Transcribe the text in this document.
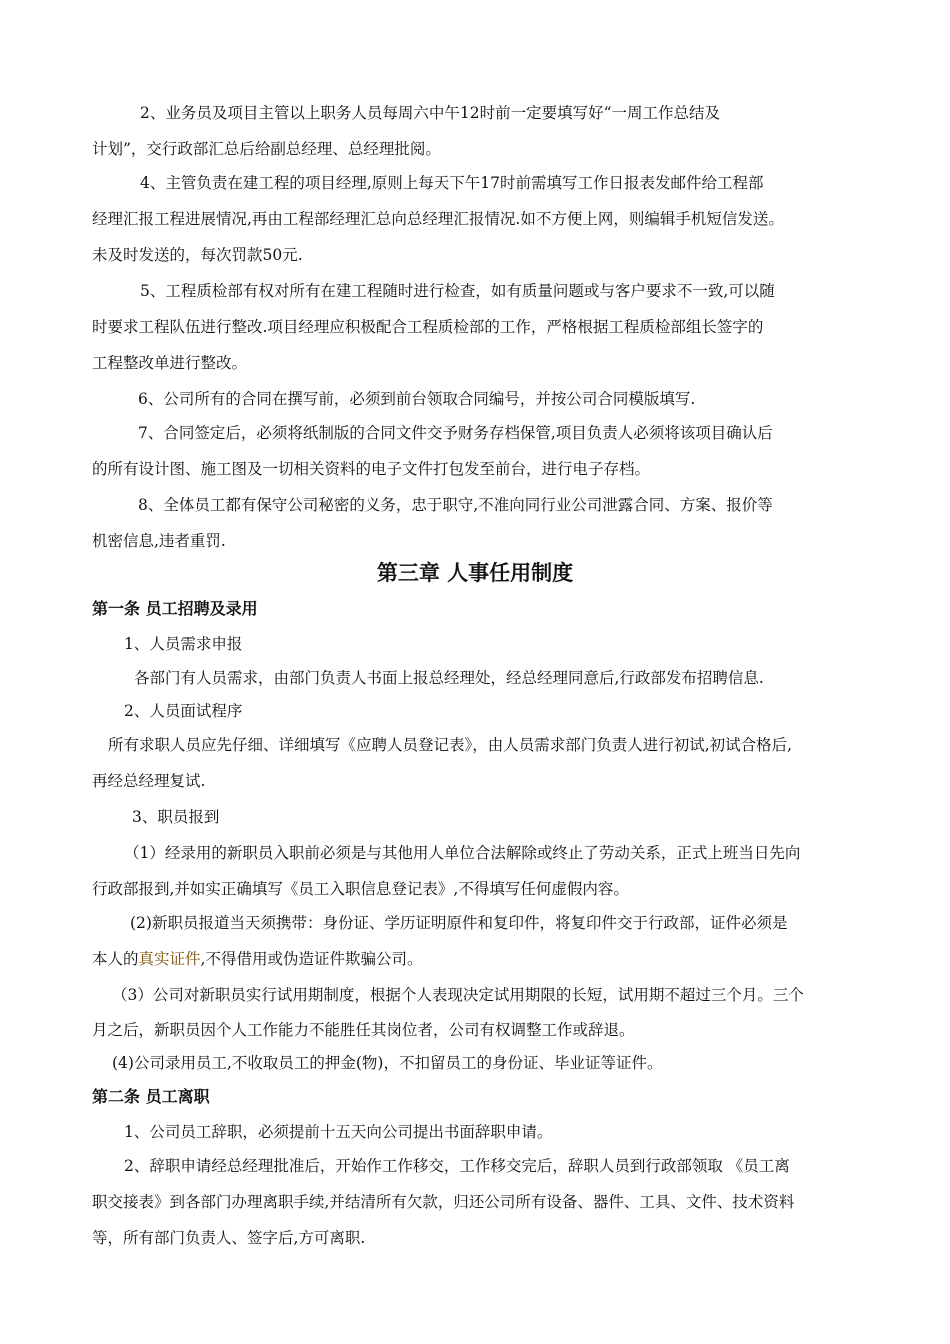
2、业务员及项目主管以上职务人员每周六中午12时前一定要填写好“一周工作总结及
计划”，交行政部汇总后给副总经理、总经理批阅。
4、主管负责在建工程的项目经理,原则上每天下午17时前需填写工作日报表发邮件给工程部
经理汇报工程进展情况,再由工程部经理汇总向总经理汇报情况.如不方便上网，则编辑手机短信发送。
未及时发送的，每次罚款50元.
5、工程质检部有权对所有在建工程随时进行检查，如有质量问题或与客户要求不一致,可以随
时要求工程队伍进行整改.项目经理应积极配合工程质检部的工作，严格根据工程质检部组长签字的
工程整改单进行整改。
6、公司所有的合同在撰写前，必须到前台领取合同编号，并按公司合同模版填写.
7、合同签定后，必须将纸制版的合同文件交予财务存档保管,项目负责人必须将该项目确认后
的所有设计图、施工图及一切相关资料的电子文件打包发至前台，进行电子存档。
8、全体员工都有保守公司秘密的义务，忠于职守,不准向同行业公司泄露合同、方案、报价等
机密信息,违者重罚.
第三章 人事任用制度
第一条 员工招聘及录用
1、人员需求申报
各部门有人员需求，由部门负责人书面上报总经理处，经总经理同意后,行政部发布招聘信息.
2、人员面试程序
所有求职人员应先仔细、详细填写《应聘人员登记表》，由人员需求部门负责人进行初试,初试合格后,
再经总经理复试.
3、职员报到
（1）经录用的新职员入职前必须是与其他用人单位合法解除或终止了劳动关系，正式上班当日先向
行政部报到,并如实正确填写《员工入职信息登记表》,不得填写任何虚假内容。
(2)新职员报道当天须携带：身份证、学历证明原件和复印件，将复印件交于行政部，证件必须是
本人的真实证件,不得借用或伪造证件欺骗公司。
（3）公司对新职员实行试用期制度，根据个人表现决定试用期限的长短，试用期不超过三个月。三个
月之后，新职员因个人工作能力不能胜任其岗位者，公司有权调整工作或辞退。
(4)公司录用员工,不收取员工的押金(物)，不扣留员工的身份证、毕业证等证件。
第二条 员工离职
1、公司员工辞职，必须提前十五天向公司提出书面辞职申请。
2、辞职申请经总经理批准后，开始作工作移交，工作移交完后，辞职人员到行政部领取 《员工离
职交接表》到各部门办理离职手续,并结清所有欠款，归还公司所有设备、器件、工具、文件、技术资料
等，所有部门负责人、签字后,方可离职.
